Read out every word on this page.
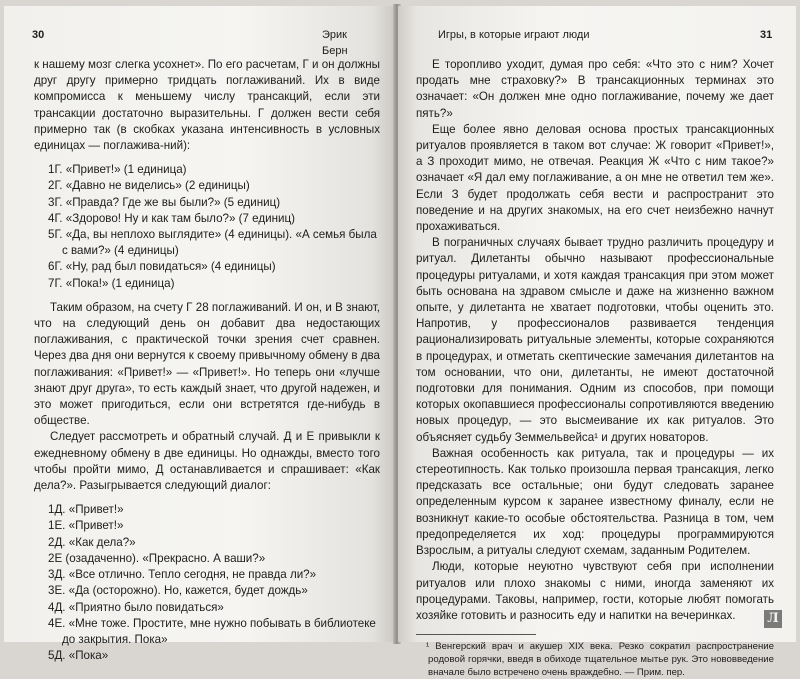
30	Эрик Берн

к нашему мозг слегка усохнет». По его расчетам, Г и он должны друг другу примерно тридцать поглаживаний. Их в виде компромисса к меньшему числу трансакций, если эти трансакции достаточно выразительны. Г должен вести себя примерно так (в скобках указана интенсивность в условных единицах — поглажива-ний):

1Г. «Привет!» (1 единица)
2Г. «Давно не виделись» (2 единицы)
3Г. «Правда? Где же вы были?» (5 единиц)
4Г. «Здорово! Ну и как там было?» (7 единиц)
5Г. «Да, вы неплохо выглядите» (4 единицы). «А семья была с вами?» (4 единицы)
6Г. «Ну, рад был повидаться» (4 единицы)
7Г. «Пока!» (1 единица)

Таким образом, на счету Г 28 поглаживаний. И он, и В знают, что на следующий день он добавит два недостающих поглаживания, с практической точки зрения счет сравнен. Через два дня они вернутся к своему привычному обмену в два поглаживания: «Привет!» — «Привет!». Но теперь они «лучше знают друг друга», то есть каждый знает, что другой надежен, и это может пригодиться, если они встретятся где-нибудь в обществе.

Следует рассмотреть и обратный случай. Д и Е привыкли к ежедневному обмену в две единицы. Но однажды, вместо того чтобы пройти мимо, Д останавливается и спрашивает: «Как дела?». Разыгрывается следующий диалог:

1Д. «Привет!»
1Е. «Привет!»
2Д. «Как дела?»
2Е (озадаченно). «Прекрасно. А ваши?»
3Д. «Все отлично. Тепло сегодня, не правда ли?»
3Е. «Да (осторожно). Но, кажется, будет дождь»
4Д. «Приятно было повидаться»
4Е. «Мне тоже. Простите, мне нужно побывать в библиотеке до закрытия. Пока»
5Д. «Пока»
Игры, в которые играют люди	31

Е торопливо уходит, думая про себя: «Что это с ним? Хочет продать мне страховку?» В трансакционных терминах это означает: «Он должен мне одно поглаживание, почему же дает пять?»

Еще более явно деловая основа простых трансакционных ритуалов проявляется в таком вот случае: Ж говорит «Привет!», а З проходит мимо, не отвечая. Реакция Ж «Что с ним такое?» означает «Я дал ему поглаживание, а он мне не ответил тем же». Если З будет продолжать себя вести и распространит это поведение и на других знакомых, на его счет неизбежно начнут прохаживаться.

В пограничных случаях бывает трудно различить процедуру и ритуал. Дилетанты обычно называют профессиональные процедуры ритуалами, и хотя каждая трансакция при этом может быть основана на здравом смысле и даже на жизненно важном опыте, у дилетанта не хватает подготовки, чтобы оценить это. Напротив, у профессионалов развивается тенденция рационализировать ритуальные элементы, которые сохраняются в процедурах, и отметать скептические замечания дилетантов на том основании, что они, дилетанты, не имеют достаточной подготовки для понимания. Одним из способов, при помощи которых окопавшиеся профессионалы сопротивляются введению новых процедур, — это высмеивание их как ритуалов. Это объясняет судьбу Земмельвейса¹ и других новаторов.

Важная особенность как ритуала, так и процедуры — их стереотипность. Как только произошла первая трансакция, легко предсказать все остальные; они будут следовать заранее определенным курсом к заранее известному финалу, если не возникнут какие-то особые обстоятельства. Разница в том, чем предопределяется их ход: процедуры программируются Взрослым, а ритуалы следуют схемам, заданным Родителем.

Люди, которые неуютно чувствуют себя при исполнении ритуалов или плохо знакомы с ними, иногда заменяют их процедурами. Таковы, например, гости, которые любят помогать хозяйке готовить и разносить еду и напитки на вечеринках.

¹ Венгерский врач и акушер XIX века. Резко сократил распространение родовой горячки, введя в обиходе тщательное мытье рук. Это нововведение вначале было встречено очень враждебно. — Прим. пер.

Л
